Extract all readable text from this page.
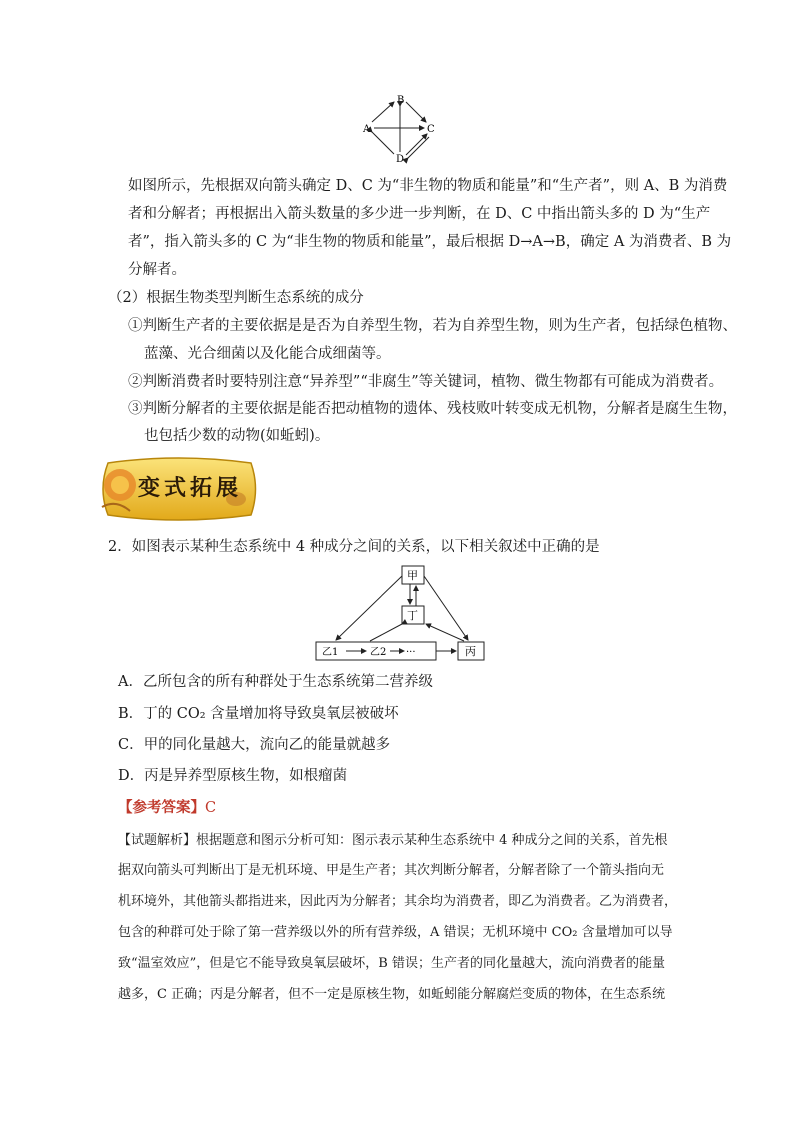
B
A	C
D
如图所示，先根据双向箭头确定 D、C 为“非生物的物质和能量”和“生产者”，则 A、B 为消费
者和分解者；再根据出入箭头数量的多少进一步判断，在 D、C 中指出箭头多的 D 为“生产
者”，指入箭头多的 C 为“非生物的物质和能量”，最后根据 D→A→B，确定 A 为消费者、B 为
分解者。
（2）根据生物类型判断生态系统的成分
①判断生产者的主要依据是是否为自养型生物，若为自养型生物，则为生产者，包括绿色植物、
蓝藻、光合细菌以及化能合成细菌等。
②判断消费者时要特别注意“异养型”“非腐生”等关键词，植物、微生物都有可能成为消费者。
③判断分解者的主要依据是能否把动植物的遗体、残枝败叶转变成无机物，分解者是腐生生物，
也包括少数的动物(如蚯蚓)。
变式拓展
2．如图表示某种生态系统中 4 种成分之间的关系，以下相关叙述中正确的是
甲
丁
乙1	乙2 ···	丙
A．乙所包含的所有种群处于生态系统第二营养级
B．丁的 CO₂ 含量增加将导致臭氧层被破坏
C．甲的同化量越大，流向乙的能量就越多
D．丙是异养型原核生物，如根瘤菌
【参考答案】C
【试题解析】根据题意和图示分析可知：图示表示某种生态系统中 4 种成分之间的关系，首先根
据双向箭头可判断出丁是无机环境、甲是生产者；其次判断分解者，分解者除了一个箭头指向无
机环境外，其他箭头都指进来，因此丙为分解者；其余均为消费者，即乙为消费者。乙为消费者，
包含的种群可处于除了第一营养级以外的所有营养级，A 错误；无机环境中 CO₂ 含量增加可以导
致“温室效应”，但是它不能导致臭氧层破坏，B 错误；生产者的同化量越大，流向消费者的能量
越多，C 正确；丙是分解者，但不一定是原核生物，如蚯蚓能分解腐烂变质的物体，在生态系统
